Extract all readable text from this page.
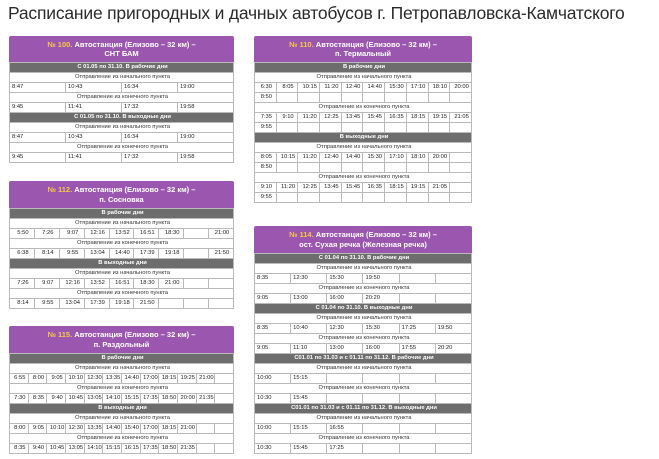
Расписание пригородных и дачных автобусов г. Петропавловска-Камчатского
№ 100. Автостанция (Елизово – 32 км) –
СНТ БАМ
С 01.05 по 31.10. В рабочие дни			
Отправление из начального пункта			
8:47	10:43	16:34	19:00
Отправление из конечного пункта			
9:45	11:41	17:32	19:58
С 01.05 по 31.10. В выходные дни			
Отправление из начального пункта			
8:47	10:43	16:34	19:00
Отправление из конечного пункта			
9:45	11:41	17:32	19:58
№ 110. Автостанция (Елизово – 32 км) –
п. Термальный
В рабочие дни									
Отправление из начального пункта									
6:30	8:05	10:15	11:20	12:40	14:40	15:30	17:10	18:10	20:00
8:50									
Отправление из конечного пункта									
7:35	9:10	11:20	12:25	13:45	15:45	16:35	18:15	19:15	21:05
9:55									
В выходные дни									
Отправление из начального пункта									
8:05	10:15	11:20	12:40	14:40	15:30	17:10	18:10	20:00	
8:50									
Отправление из конечного пункта									
9:10	11:20	12:25	13:45	15:45	16:35	18:15	19:15	21:05	
9:55									
№ 112. Автостанция (Елизово – 32 км) –
п. Сосновка
В рабочие дни								
Отправление из начального пункта								
5:50	7:26	9:07	12:16	13:52	16:51	18:30		21:00
Отправление из конечного пункта								
6:38	8:14	9:55	13:04	14:40	17:39	19:18		21:50
В выходные дни								
Отправление из начального пункта								
7:26	9:07	12:16	13:52	16:51	18:30	21:00		
Отправление из конечного пункта								
8:14	9:55	13:04	17:39	19:18	21:50			
№ 114. Автостанция (Елизово – 32 км) –
ост. Сухая речка (Железная речка)
С 01.04 по 31.10. В рабочие дни					
Отправление из начального пункта					
8:35	12:30	15:30	19:50		
Отправление из конечного пункта					
9:05	13:00	16:00	20:20		
С 01.04 по 31.10. В выходные дни					
Отправление из начального пункта					
8:35	10:40	12:30	15:30	17:25	19:50
Отправление из конечного пункта					
9:05	11:10	13:00	16:00	17:55	20:20
С01.01 по 31.03 и с 01.11 по 31.12. В рабочие дни					
Отправление из начального пункта					
10:00	15:15				
Отправление из конечного пункта					
10:30	15:45				
С01.01 по 31.03 и с 01.11 по 31.12. В выходные дни					
Отправление из начального пункта					
10:00	15:15	16:55			
Отправление из конечного пункта					
10:30	15:45	17:25			
№ 115. Автостанция (Елизово – 32 км) –
п. Раздольный
В рабочие дни											
Отправление из начального пункта											
6:55	8:00	9:05	10:10	12:30	13:35	14:40	17:00	18:15	19:25	21:00	
Отправление из конечного пункта											
7:30	8:35	9:40	10:45	13:05	14:10	15:15	17:35	18:50	20:00	21:35	
В выходные дни											
Отправление из начального пункта											
8:00	9:05	10:10	12:30	13:35	14:40	15:40	17:00	18:15	21:00		
Отправление из конечного пункта											
8:35	9:40	10:45	13:05	14:10	15:15	16:15	17:35	18:50	21:35		
